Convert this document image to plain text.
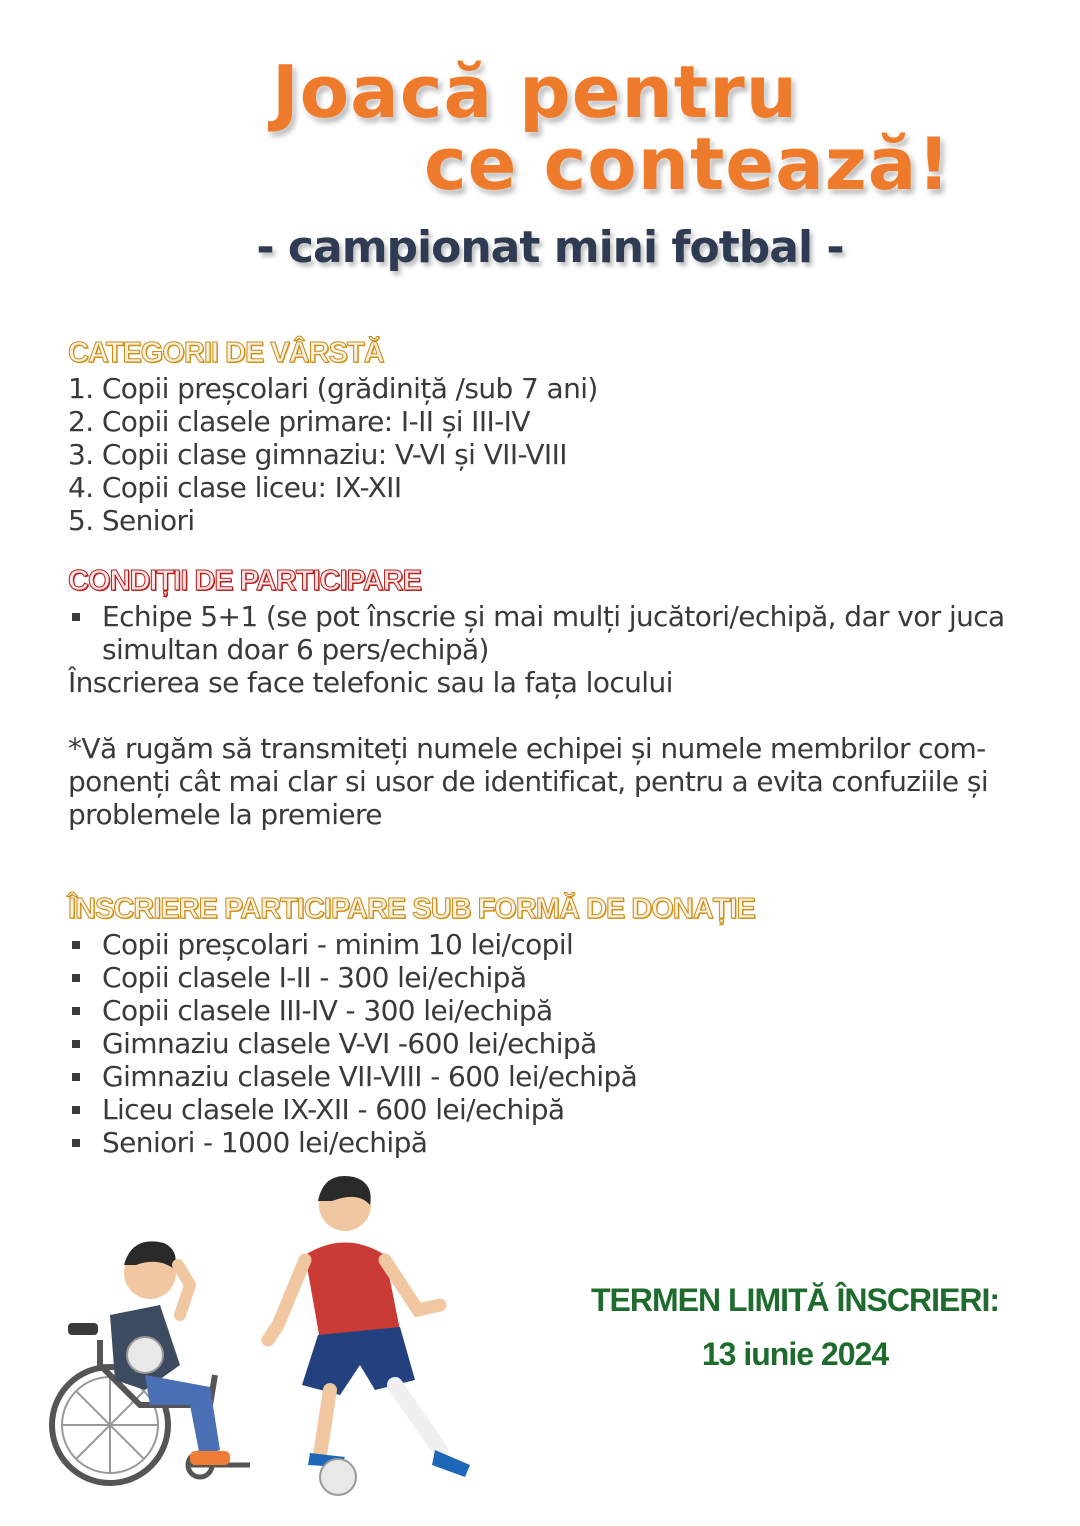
Joacă pentru
ce contează!
- campionat mini fotbal -
CATEGORII DE VÂRSTĂ
1. Copii preșcolari (grădiniță /sub 7 ani)
2. Copii clasele primare: I-II și III-IV
3. Copii clase gimnaziu: V-VI și VII-VIII
4. Copii clase liceu: IX-XII
5. Seniori
CONDIȚII DE PARTICIPARE
Echipe 5+1 (se pot înscrie și mai mulți jucători/echipă, dar vor juca simultan doar 6 pers/echipă)

Înscrierea se face telefonic sau la fața locului

*Vă rugăm să transmiteți numele echipei și numele membrilor com-ponenți cât mai clar si usor de identificat, pentru a evita confuziile și problemele la premiere

ÎNSCRIERE PARTICIPARE SUB FORMĂ DE DONAȚIE
Copii preșcolari - minim 10 lei/copil
Copii clasele I-II - 300 lei/echipă
Copii clasele III-IV - 300 lei/echipă
Gimnaziu clasele V-VI -600 lei/echipă
Gimnaziu clasele VII-VIII - 600 lei/echipă
Liceu clasele IX-XII - 600 lei/echipă
Seniori - 1000 lei/echipă

TERMEN LIMITĂ ÎNSCRIERI:

13 iunie 2024
